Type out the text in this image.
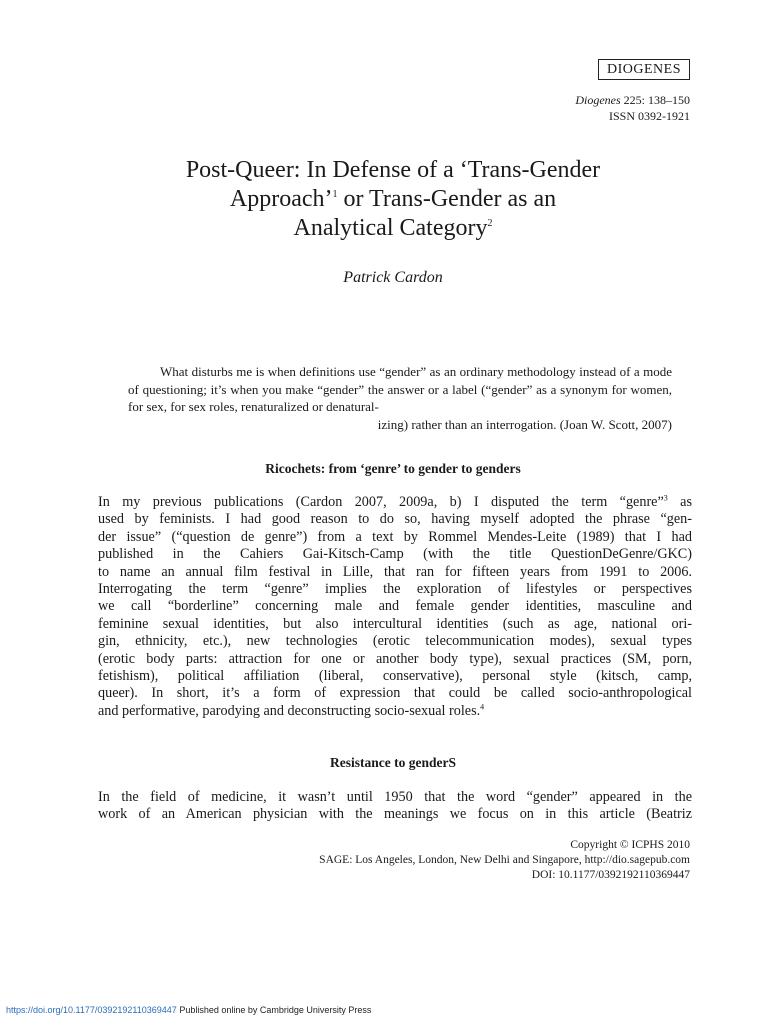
DIOGENES
Diogenes 225: 138–150
ISSN 0392-1921
Post-Queer: In Defense of a ‘Trans-Gender
Approach’$^1$ or Trans-Gender as an
Analytical Category$^2$
Patrick Cardon

What disturbs me is when definitions use “gender” as an ordinary methodology instead of a mode of questioning; it’s when you make “gender” the answer or a label (“gender” as a synonym for women, for sex, for sex roles, renaturalized or denatural-
izing) rather than an interrogation. (Joan W. Scott, 2007)

Ricochets: from ‘genre’ to gender to genders

In my previous publications (Cardon 2007, 2009a, b) I disputed the term “genre”$^3$ as
used by feminists. I had good reason to do so, having myself adopted the phrase “gen-
der issue” (“question de genre”) from a text by Rommel Mendes-Leite (1989) that I had
published in the Cahiers Gai-Kitsch-Camp (with the title QuestionDeGenre/GKC)
to name an annual film festival in Lille, that ran for fifteen years from 1991 to 2006.
Interrogating the term “genre” implies the exploration of lifestyles or perspectives
we call “borderline” concerning male and female gender identities, masculine and
feminine sexual identities, but also intercultural identities (such as age, national ori-
gin, ethnicity, etc.), new technologies (erotic telecommunication modes), sexual types
(erotic body parts: attraction for one or another body type), sexual practices (SM, porn,
fetishism), political affiliation (liberal, conservative), personal style (kitsch, camp,
queer). In short, it’s a form of expression that could be called socio-anthropological
and performative, parodying and deconstructing socio-sexual roles.$^4$

Resistance to genderS

In the field of medicine, it wasn’t until 1950 that the word “gender” appeared in the
work of an American physician with the meanings we focus on in this article (Beatriz

Copyright © ICPHS 2010
SAGE: Los Angeles, London, New Delhi and Singapore, http://dio.sagepub.com
DOI: 10.1177/0392192110369447
https://doi.org/10.1177/0392192110369447 Published online by Cambridge University Press
